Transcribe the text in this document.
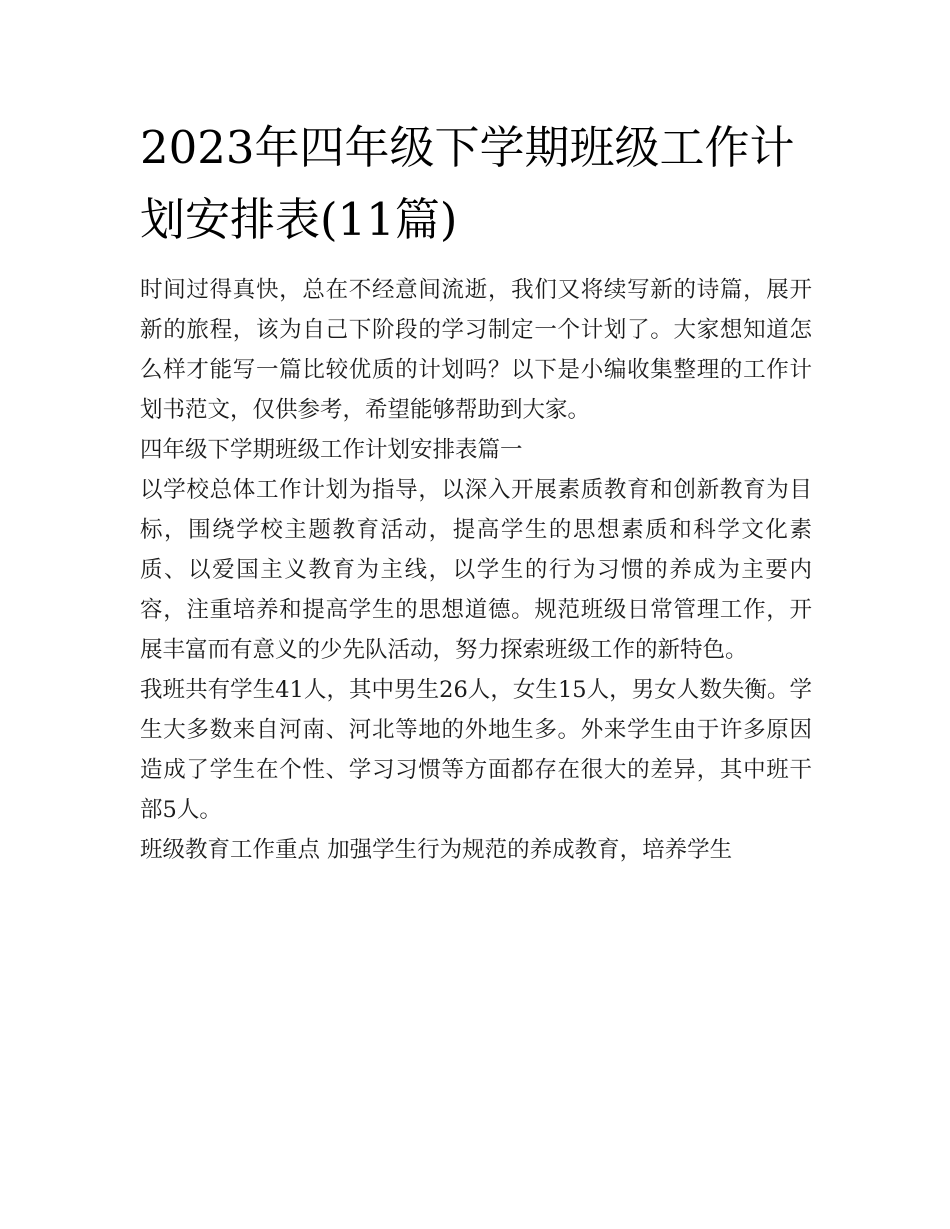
2023年四年级下学期班级工作计划安排表(11篇)

时间过得真快，总在不经意间流逝，我们又将续写新的诗篇，展开新的旅程，该为自己下阶段的学习制定一个计划了。大家想知道怎么样才能写一篇比较优质的计划吗？以下是小编收集整理的工作计划书范文，仅供参考，希望能够帮助到大家。

四年级下学期班级工作计划安排表篇一

以学校总体工作计划为指导，以深入开展素质教育和创新教育为目标，围绕学校主题教育活动，提高学生的思想素质和科学文化素质、以爱国主义教育为主线，以学生的行为习惯的养成为主要内容，注重培养和提高学生的思想道德。规范班级日常管理工作，开展丰富而有意义的少先队活动，努力探索班级工作的新特色。

我班共有学生41人，其中男生26人，女生15人，男女人数失衡。学生大多数来自河南、河北等地的外地生多。外来学生由于许多原因造成了学生在个性、学习习惯等方面都存在很大的差异，其中班干部5人。

班级教育工作重点 加强学生行为规范的养成教育，培养学生
